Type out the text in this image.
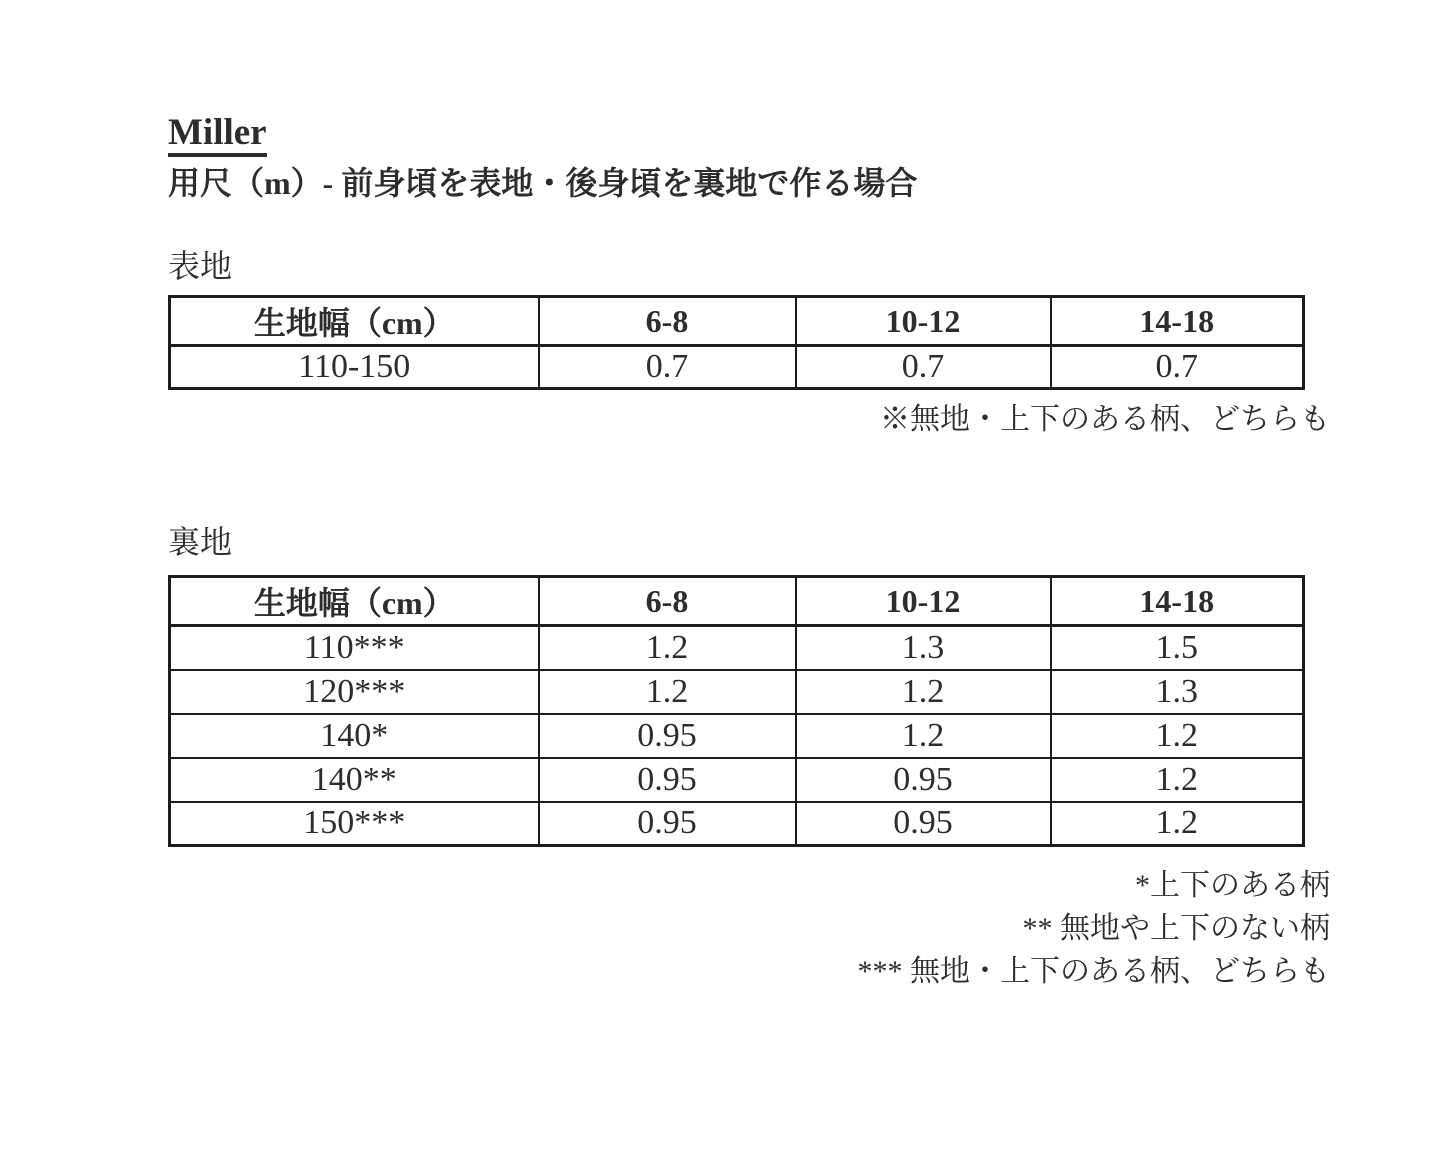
Miller
用尺（m）- 前身頃を表地・後身頃を裏地で作る場合
表地
生地幅（cm）	6-8	10-12	14-18
110-150	0.7	0.7	0.7
※無地・上下のある柄、どちらも
裏地
生地幅（cm）	6-8	10-12	14-18
110***	1.2	1.3	1.5
120***	1.2	1.2	1.3
140*	0.95	1.2	1.2
140**	0.95	0.95	1.2
150***	0.95	0.95	1.2
*上下のある柄
** 無地や上下のない柄
*** 無地・上下のある柄、どちらも
